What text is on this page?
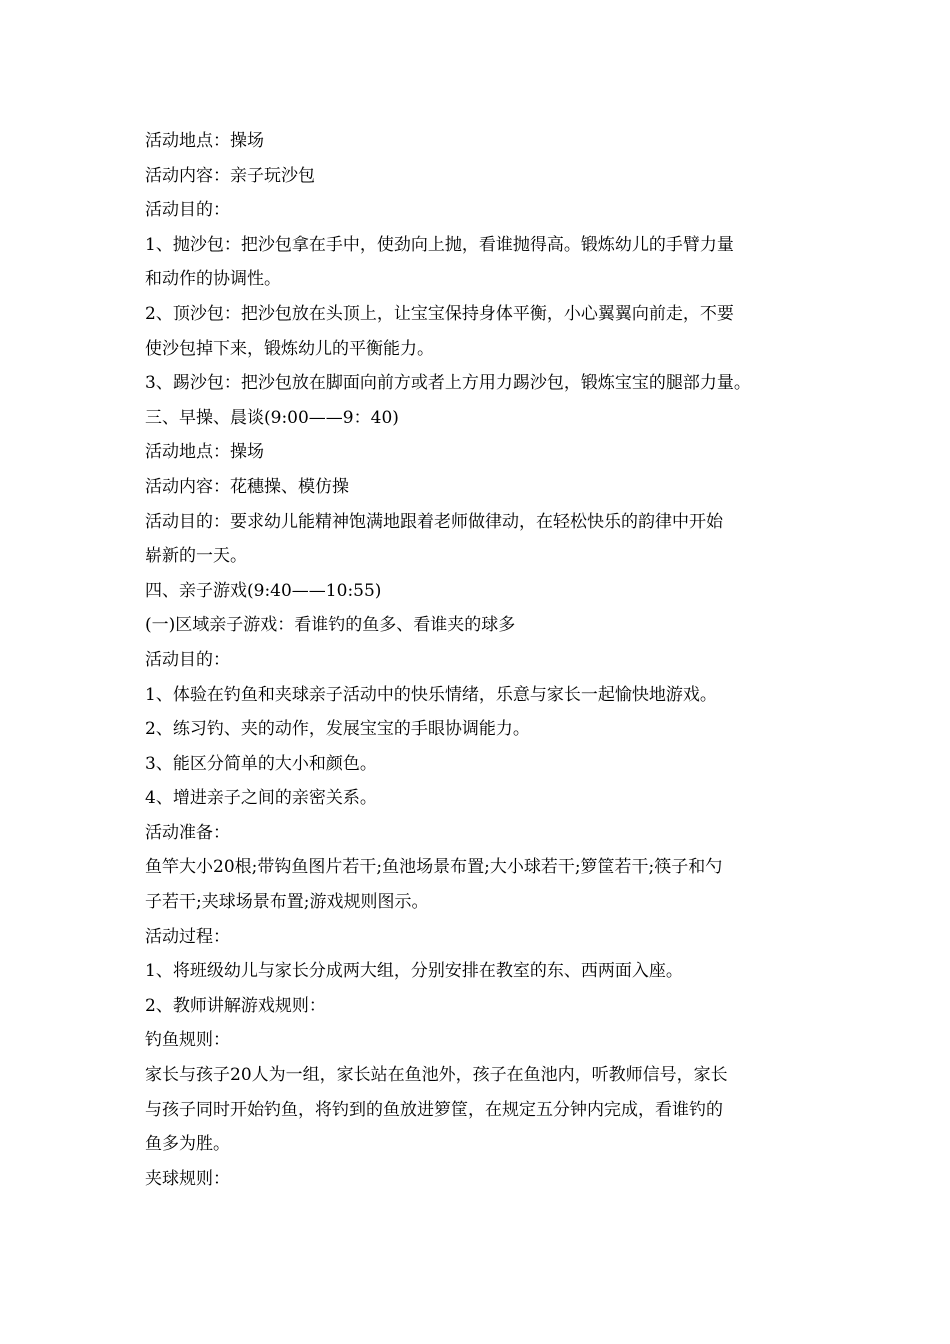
活动地点：操场
活动内容：亲子玩沙包
活动目的：
1、抛沙包：把沙包拿在手中，使劲向上抛，看谁抛得高。锻炼幼儿的手臂力量
和动作的协调性。
2、顶沙包：把沙包放在头顶上，让宝宝保持身体平衡，小心翼翼向前走，不要
使沙包掉下来，锻炼幼儿的平衡能力。
3、踢沙包：把沙包放在脚面向前方或者上方用力踢沙包，锻炼宝宝的腿部力量。
三、早操、晨谈(9:00——9：40)
活动地点：操场
活动内容：花穗操、模仿操
活动目的：要求幼儿能精神饱满地跟着老师做律动，在轻松快乐的韵律中开始
崭新的一天。
四、亲子游戏(9:40——10:55)
(一)区域亲子游戏：看谁钓的鱼多、看谁夹的球多
活动目的：
1、体验在钓鱼和夹球亲子活动中的快乐情绪，乐意与家长一起愉快地游戏。
2、练习钓、夹的动作，发展宝宝的手眼协调能力。
3、能区分简单的大小和颜色。
4、增进亲子之间的亲密关系。
活动准备：
鱼竿大小20根;带钩鱼图片若干;鱼池场景布置;大小球若干;箩筐若干;筷子和勺
子若干;夹球场景布置;游戏规则图示。
活动过程：
1、将班级幼儿与家长分成两大组，分别安排在教室的东、西两面入座。
2、教师讲解游戏规则：
钓鱼规则：
家长与孩子20人为一组，家长站在鱼池外，孩子在鱼池内，听教师信号，家长
与孩子同时开始钓鱼，将钓到的鱼放进箩筐，在规定五分钟内完成，看谁钓的
鱼多为胜。
夹球规则：
